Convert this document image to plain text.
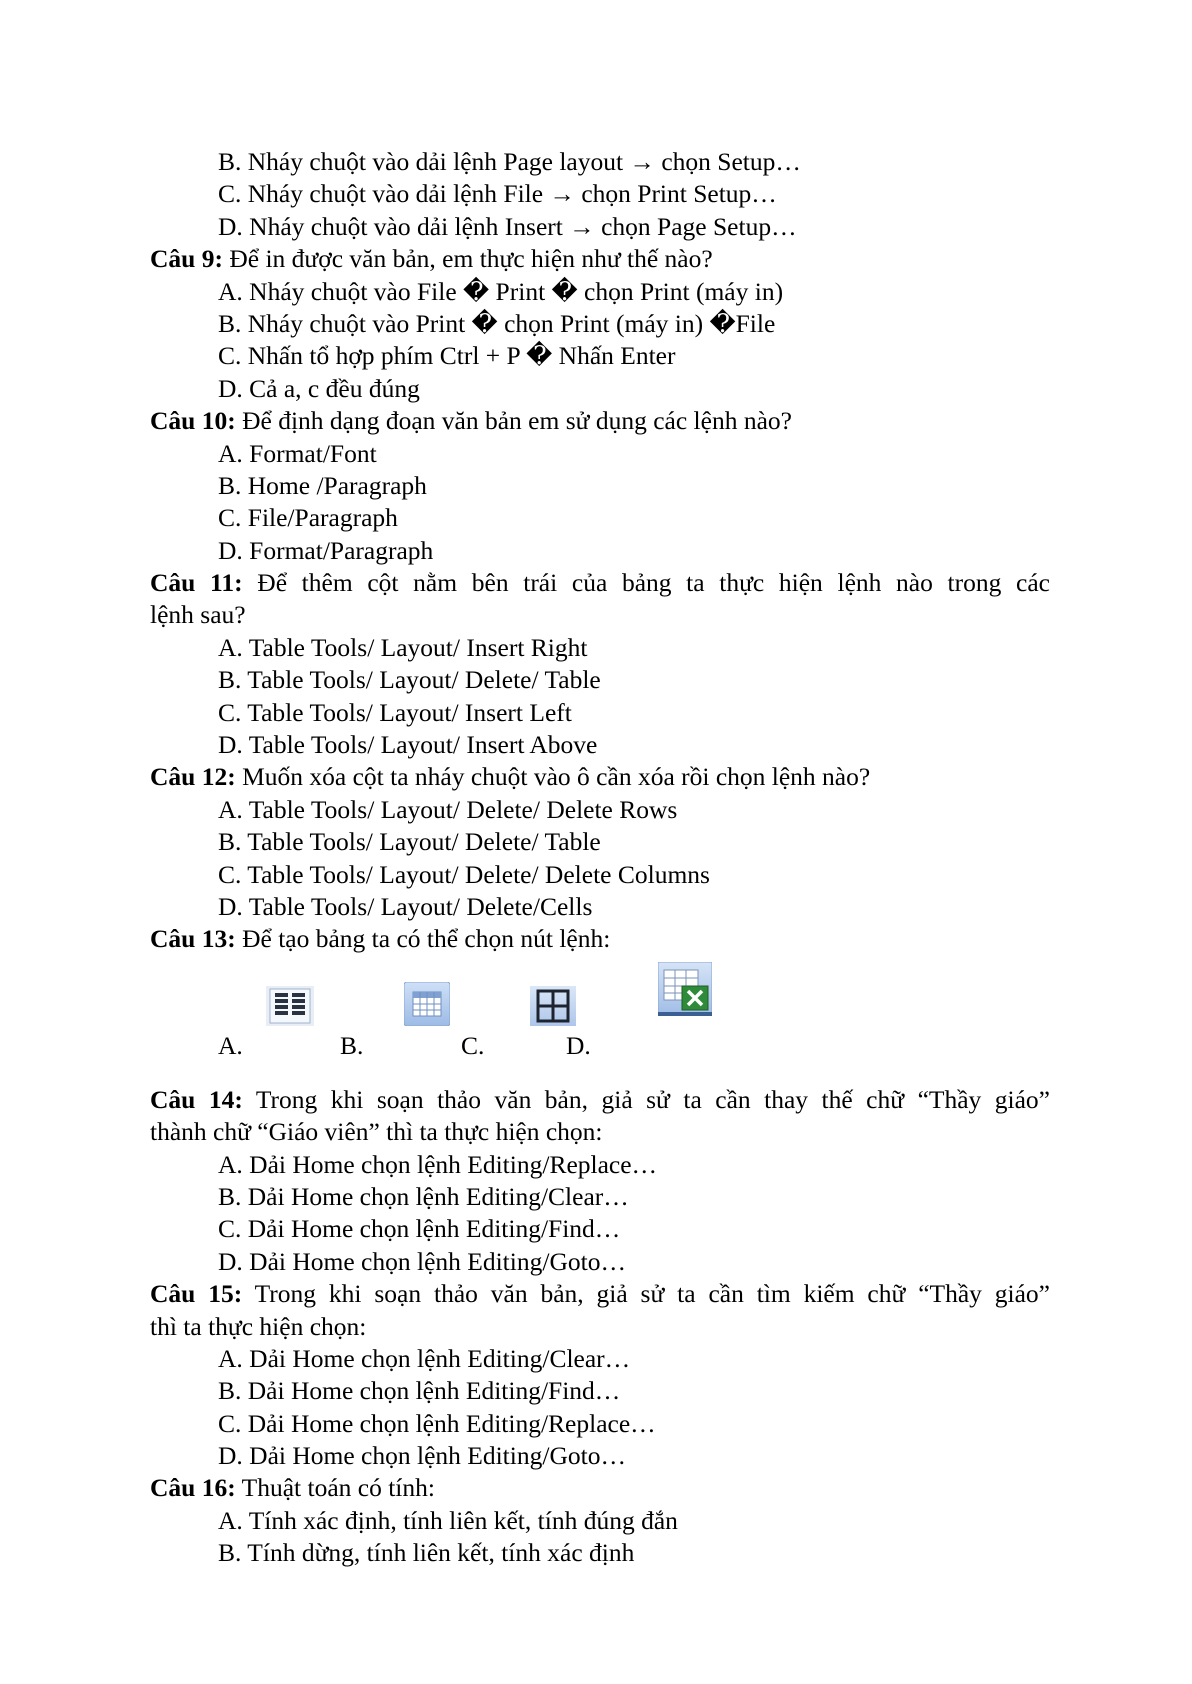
B. Nháy chuột vào dải lệnh Page layout → chọn Setup…
C. Nháy chuột vào dải lệnh File → chọn Print Setup…
D. Nháy chuột vào dải lệnh Insert → chọn Page Setup…
Câu 9: Để in được văn bản, em thực hiện như thế nào?
A. Nháy chuột vào File � Print � chọn Print (máy in)
B. Nháy chuột vào Print � chọn Print (máy in) �File
C. Nhấn tổ hợp phím Ctrl + P � Nhấn Enter
D. Cả a, c đều đúng
Câu 10: Để định dạng đoạn văn bản em sử dụng các lệnh nào?
A. Format/Font
B. Home /Paragraph
C. File/Paragraph
D. Format/Paragraph
Câu 11: Để thêm cột nằm bên trái của bảng ta thực hiện lệnh nào trong các
lệnh sau?
A. Table Tools/ Layout/ Insert Right
B. Table Tools/ Layout/ Delete/ Table
C. Table Tools/ Layout/ Insert Left
D. Table Tools/ Layout/ Insert Above
Câu 12: Muốn xóa cột ta nháy chuột vào ô cần xóa rồi chọn lệnh nào?
A. Table Tools/ Layout/ Delete/ Delete Rows
B. Table Tools/ Layout/ Delete/ Table
C. Table Tools/ Layout/ Delete/ Delete Columns
D. Table Tools/ Layout/ Delete/Cells
Câu 13: Để tạo bảng ta có thể chọn nút lệnh:
A.	B.	C.	D.
Câu 14: Trong khi soạn thảo văn bản, giả sử ta cần thay thế chữ “Thầy giáo”
thành chữ “Giáo viên” thì ta thực hiện chọn:
A. Dải Home chọn lệnh Editing/Replace…
B. Dải Home chọn lệnh Editing/Clear…
C. Dải Home chọn lệnh Editing/Find…
D. Dải Home chọn lệnh Editing/Goto…
Câu 15: Trong khi soạn thảo văn bản, giả sử ta cần tìm kiếm chữ “Thầy giáo”
thì ta thực hiện chọn:
A. Dải Home chọn lệnh Editing/Clear…
B. Dải Home chọn lệnh Editing/Find…
C. Dải Home chọn lệnh Editing/Replace…
D. Dải Home chọn lệnh Editing/Goto…
Câu 16: Thuật toán có tính:
A. Tính xác định, tính liên kết, tính đúng đắn
B. Tính dừng, tính liên kết, tính xác định
